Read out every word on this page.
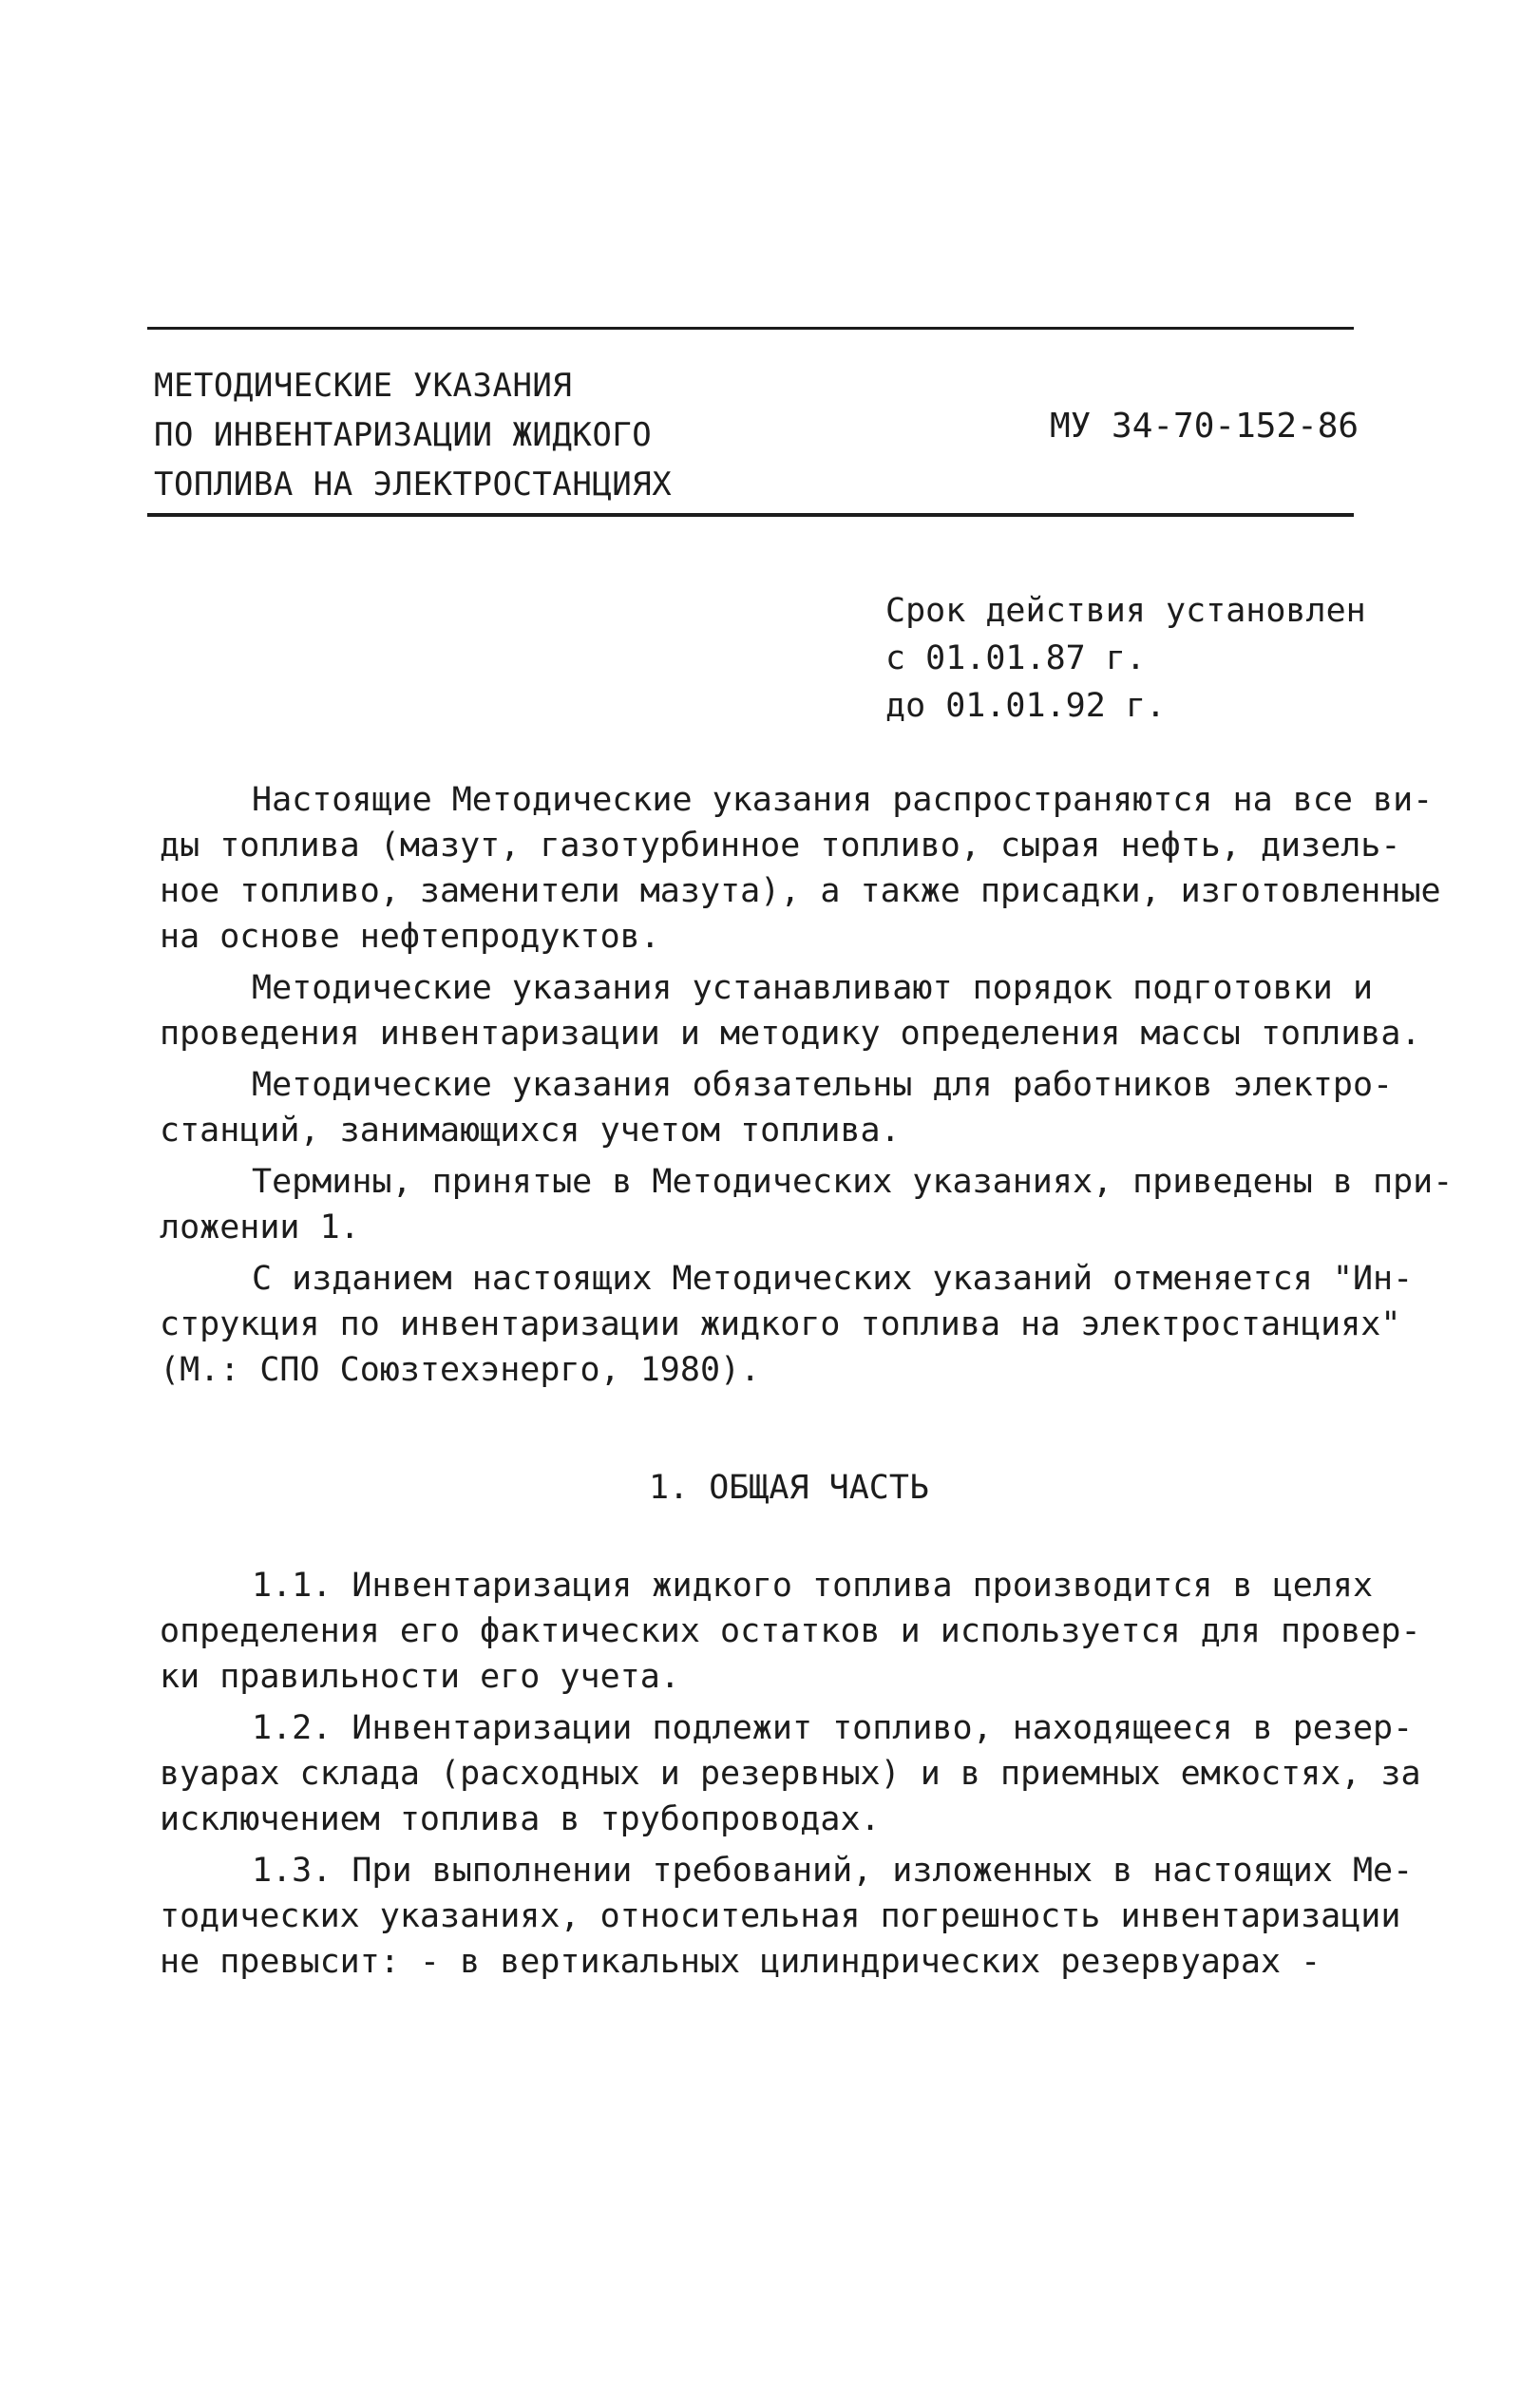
МЕТОДИЧЕСКИЕ УКАЗАНИЯ
ПО ИНВЕНТАРИЗАЦИИ ЖИДКОГО
ТОПЛИВА НА ЭЛЕКТРОСТАНЦИЯХ
МУ 34-70-152-86
Срок действия установлен
с 01.01.87 г.
до 01.01.92 г.
Настоящие Методические указания распространяются на все ви-
ды топлива (мазут, газотурбинное топливо, сырая нефть, дизель-
ное топливо, заменители мазута), а также присадки, изготовленные
на основе нефтепродуктов.
Методические указания устанавливают порядок подготовки и
проведения инвентаризации и методику определения массы топлива.
Методические указания обязательны для работников электро-
станций, занимающихся учетом топлива.
Термины, принятые в Методических указаниях, приведены в при-
ложении 1.
С изданием настоящих Методических указаний отменяется "Ин-
струкция по инвентаризации жидкого топлива на электростанциях"
(М.: СПО Союзтехэнерго, 1980).
1. ОБЩАЯ ЧАСТЬ
1.1. Инвентаризация жидкого топлива производится в целях
определения его фактических остатков и используется для провер-
ки правильности его учета.
1.2. Инвентаризации подлежит топливо, находящееся в резер-
вуарах склада (расходных и резервных) и в приемных емкостях, за
исключением топлива в трубопроводах.
1.3. При выполнении требований, изложенных в настоящих Ме-
тодических указаниях, относительная погрешность инвентаризации
не превысит: - в вертикальных цилиндрических резервуарах -
